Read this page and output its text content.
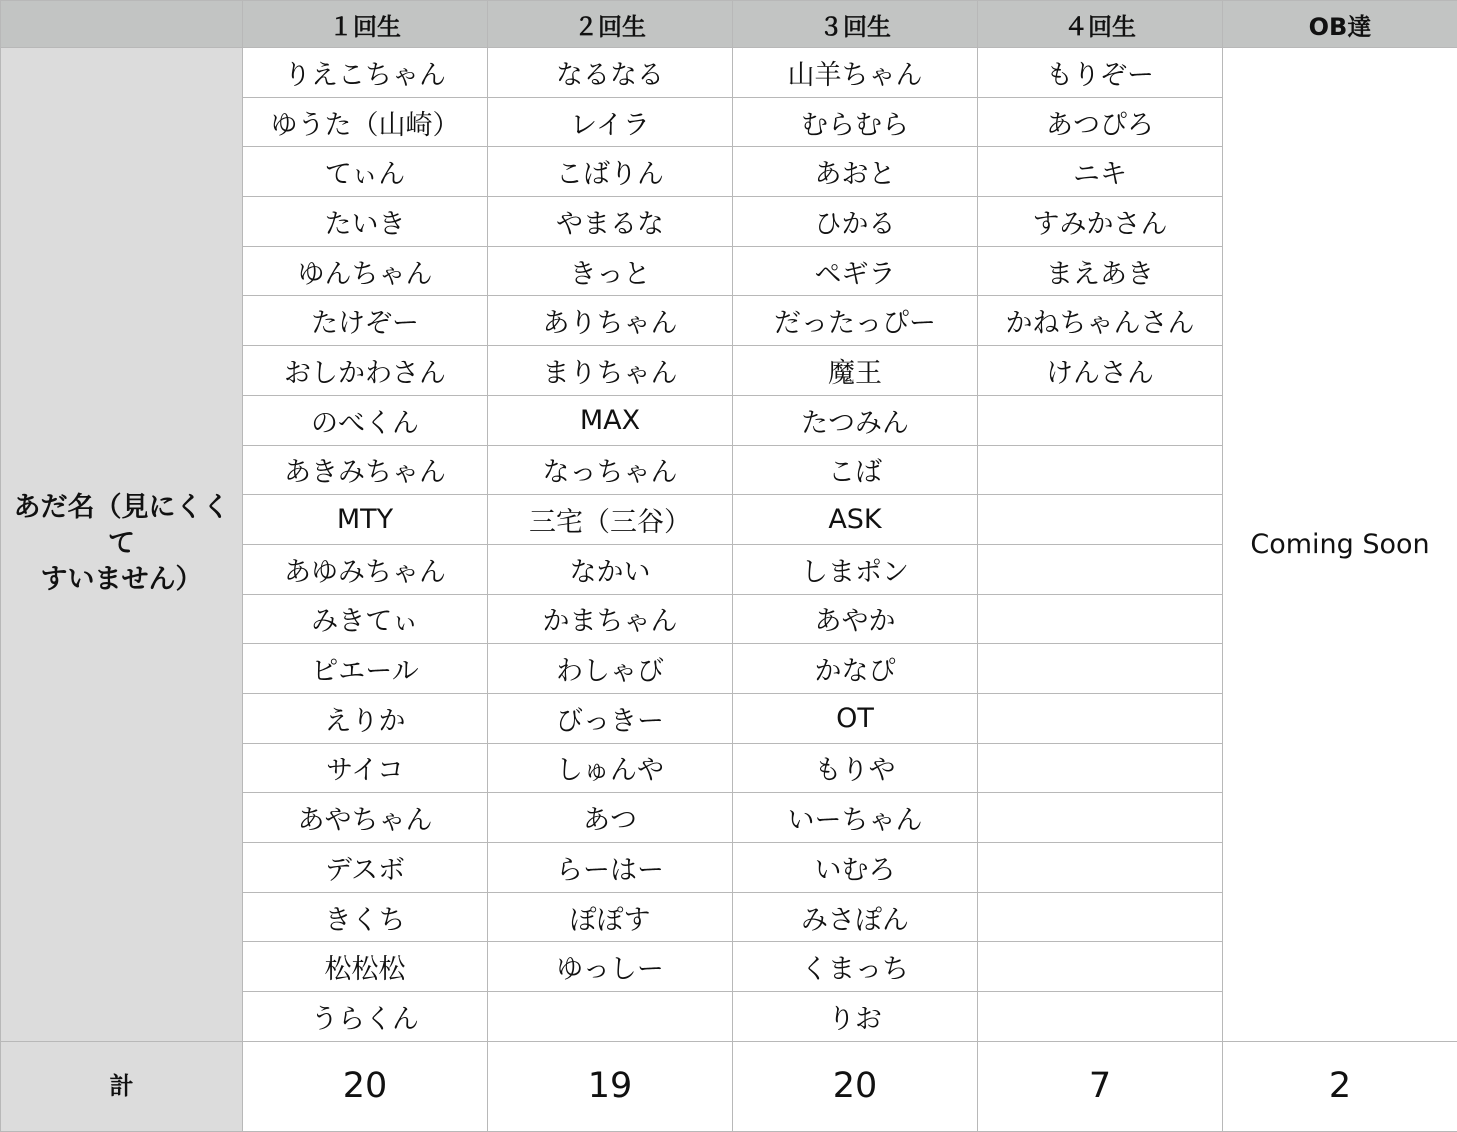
	１回生	２回生	３回生	４回生	OB達

あだ名（見にくくて
すいません）	りえこちゃん	なるなる	山羊ちゃん	もりぞー	Coming Soon
	ゆうた（山崎）	レイラ	むらむら	あつぴろ	
	てぃん	こばりん	あおと	ニキ	
	たいき	やまるな	ひかる	すみかさん	
	ゆんちゃん	きっと	ペギラ	まえあき	
	たけぞー	ありちゃん	だったっぴー	かねちゃんさん	
	おしかわさん	まりちゃん	魔王	けんさん	
	のべくん	MAX	たつみん		
	あきみちゃん	なっちゃん	こば		
	MTY	三宅（三谷）	ASK		
	あゆみちゃん	なかい	しまポン		
	みきてぃ	かまちゃん	あやか		
	ピエール	わしゃび	かなぴ		
	えりか	びっきー	OT		
	サイコ	しゅんや	もりや		
	あやちゃん	あつ	いーちゃん		
	デスボ	らーはー	いむろ		
	きくち	ぽぽす	みさぽん		
	松松松	ゆっしー	くまっち		
	うらくん		りお		
計	20	19	20	7	2
